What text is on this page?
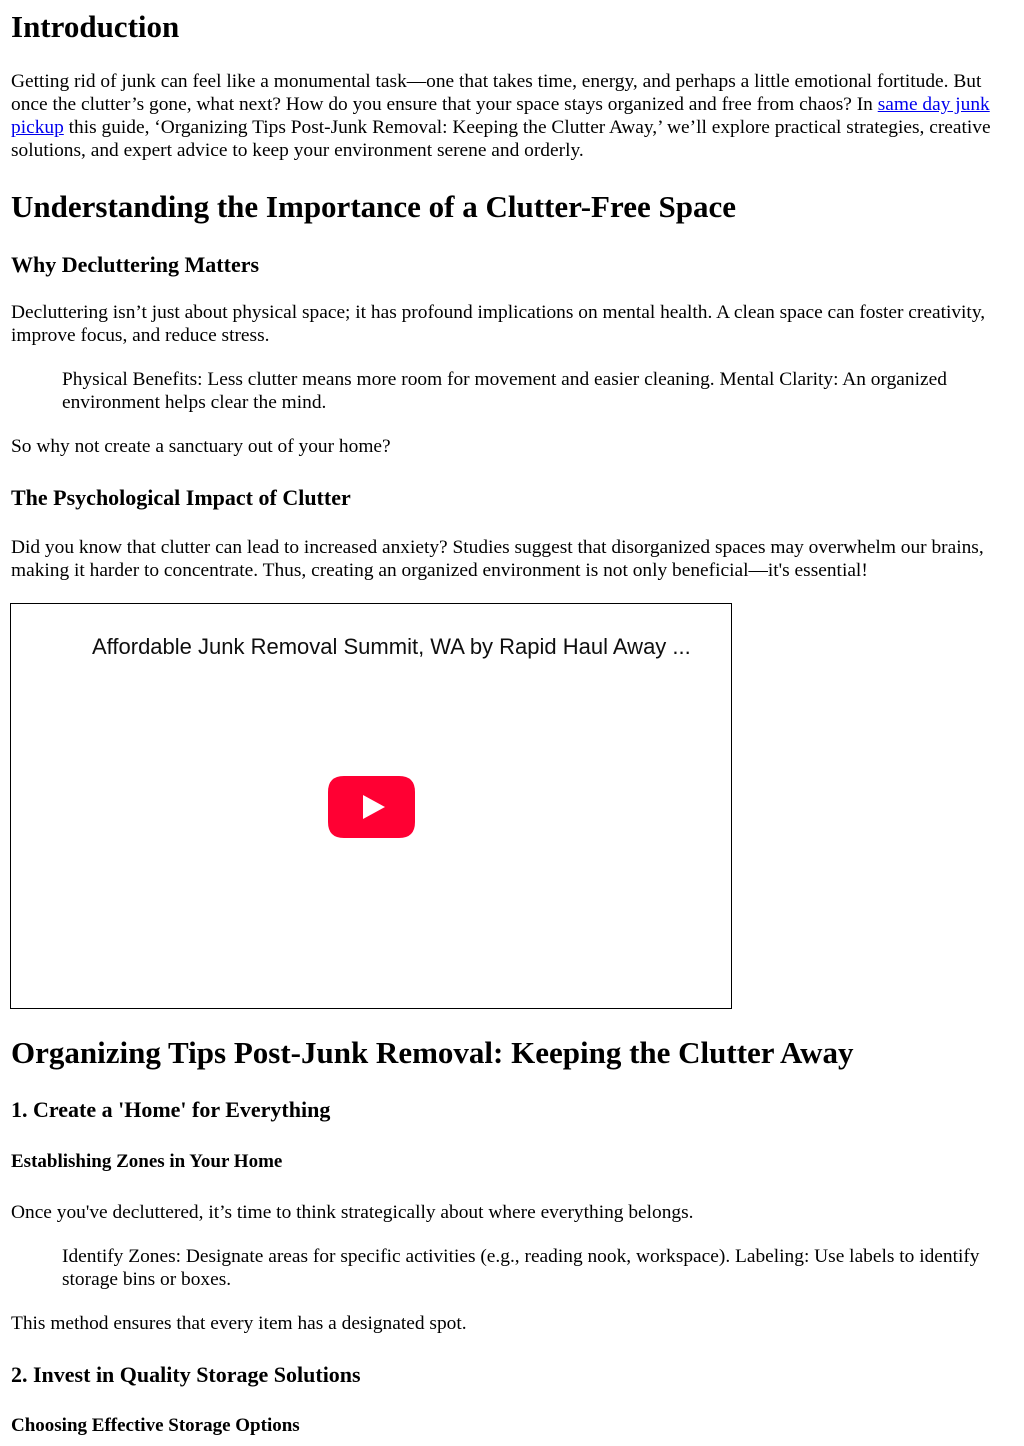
Introduction

Getting rid of junk can feel like a monumental task—one that takes time, energy, and perhaps a little emotional fortitude. But once the clutter’s gone, what next? How do you ensure that your space stays organized and free from chaos? In same day junk pickup this guide, ‘Organizing Tips Post-Junk Removal: Keeping the Clutter Away,’ we’ll explore practical strategies, creative solutions, and expert advice to keep your environment serene and orderly.

Understanding the Importance of a Clutter-Free Space
Why Decluttering Matters

Decluttering isn’t just about physical space; it has profound implications on mental health. A clean space can foster creativity, improve focus, and reduce stress.

Physical Benefits: Less clutter means more room for movement and easier cleaning. Mental Clarity: An organized environment helps clear the mind.

So why not create a sanctuary out of your home?

The Psychological Impact of Clutter

Did you know that clutter can lead to increased anxiety? Studies suggest that disorganized spaces may overwhelm our brains, making it harder to concentrate. Thus, creating an organized environment is not only beneficial—it's essential!

Affordable Junk Removal Summit, WA by Rapid Haul Away ...
Organizing Tips Post-Junk Removal: Keeping the Clutter Away
1. Create a 'Home' for Everything
Establishing Zones in Your Home

Once you've decluttered, it’s time to think strategically about where everything belongs.

Identify Zones: Designate areas for specific activities (e.g., reading nook, workspace). Labeling: Use labels to identify storage bins or boxes.

This method ensures that every item has a designated spot.

2. Invest in Quality Storage Solutions
Choosing Effective Storage Options
